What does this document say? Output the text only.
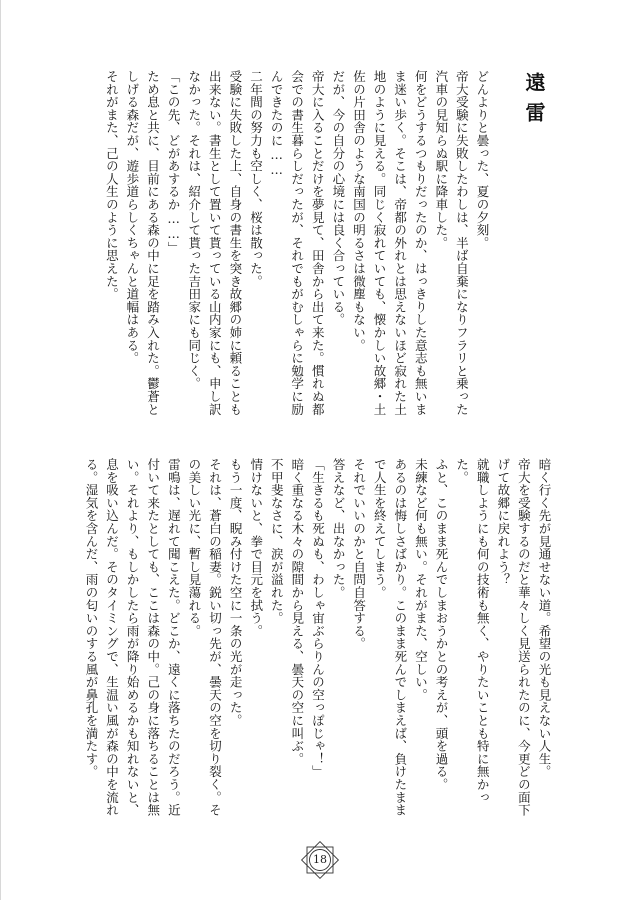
遠雷
どんよりと曇った、夏の夕刻。
帝大受験に失敗したわしは、半ば自棄になりフラリと乗った汽車の見知らぬ駅に降車した。
何をどうするつもりだったのか、はっきりした意志も無いまま迷い歩く。そこは、帝都の外れとは思えないほど寂れた土地のように見える。同じく寂れていても、懐かしい故郷・土佐の片田舎のような南国の明るさは微塵もない。
だが、今の自分の心境には良く合っている。
帝大に入ることだけを夢見て、田舎から出て来た。慣れぬ都会での書生暮らしだったが、それでもがむしゃらに勉学に励んできたのに……
二年間の努力も空しく、桜は散った。
受験に失敗した上、自身の書生を突き故郷の姉に頼ることも出来ない。書生として置いて貰っている山内家にも、申し訳なかった。それは、紹介して貰った吉田家にも同じく。
「この先、どがあするか……」
ため息と共に、目前にある森の中に足を踏み入れた。鬱蒼としげる森だが、遊歩道らしくちゃんと道幅はある。
それがまた、己の人生のように思えた。
暗く行く先が見通せない道。希望の光も見えない人生。
帝大を受験するのだと華々しく見送られたのに、今更どの面下げて故郷に戻れよう？
就職しようにも何の技術も無く、やりたいことも特に無かった。
ふと、このまま死んでしまおうかとの考えが、頭を過る。
未練など何も無い。それがまた、空しい。
あるのは悔しさばかり。このまま死んでしまえば、負けたままで人生を終えてしまう。
それでいいのかと自問自答する。
答えなど、出なかった。
「生きるも死ぬも、わしゃ宙ぶらりんの空っぽじゃ！」
暗く重なる木々の隙間から見える、曇天の空に叫ぶ。
不甲斐なさに、涙が溢れた。
情けないと、拳で目元を拭う。
もう一度、睨み付けた空に一条の光が走った。
それは、蒼白の稲妻。鋭い切っ先が、曇天の空を切り裂く。その美しい光に、暫し見蕩れる。
雷鳴は、遅れて聞こえた。どこか、遠くに落ちたのだろう。近付いて来たとしても、ここは森の中。己の身に落ちることは無い。それより、もしかしたら雨が降り始めるかも知れないと、息を吸い込んだ。そのタイミングで、生温い風が森の中を流れる。湿気を含んだ、雨の匂いのする風が鼻孔を満たす。
18
